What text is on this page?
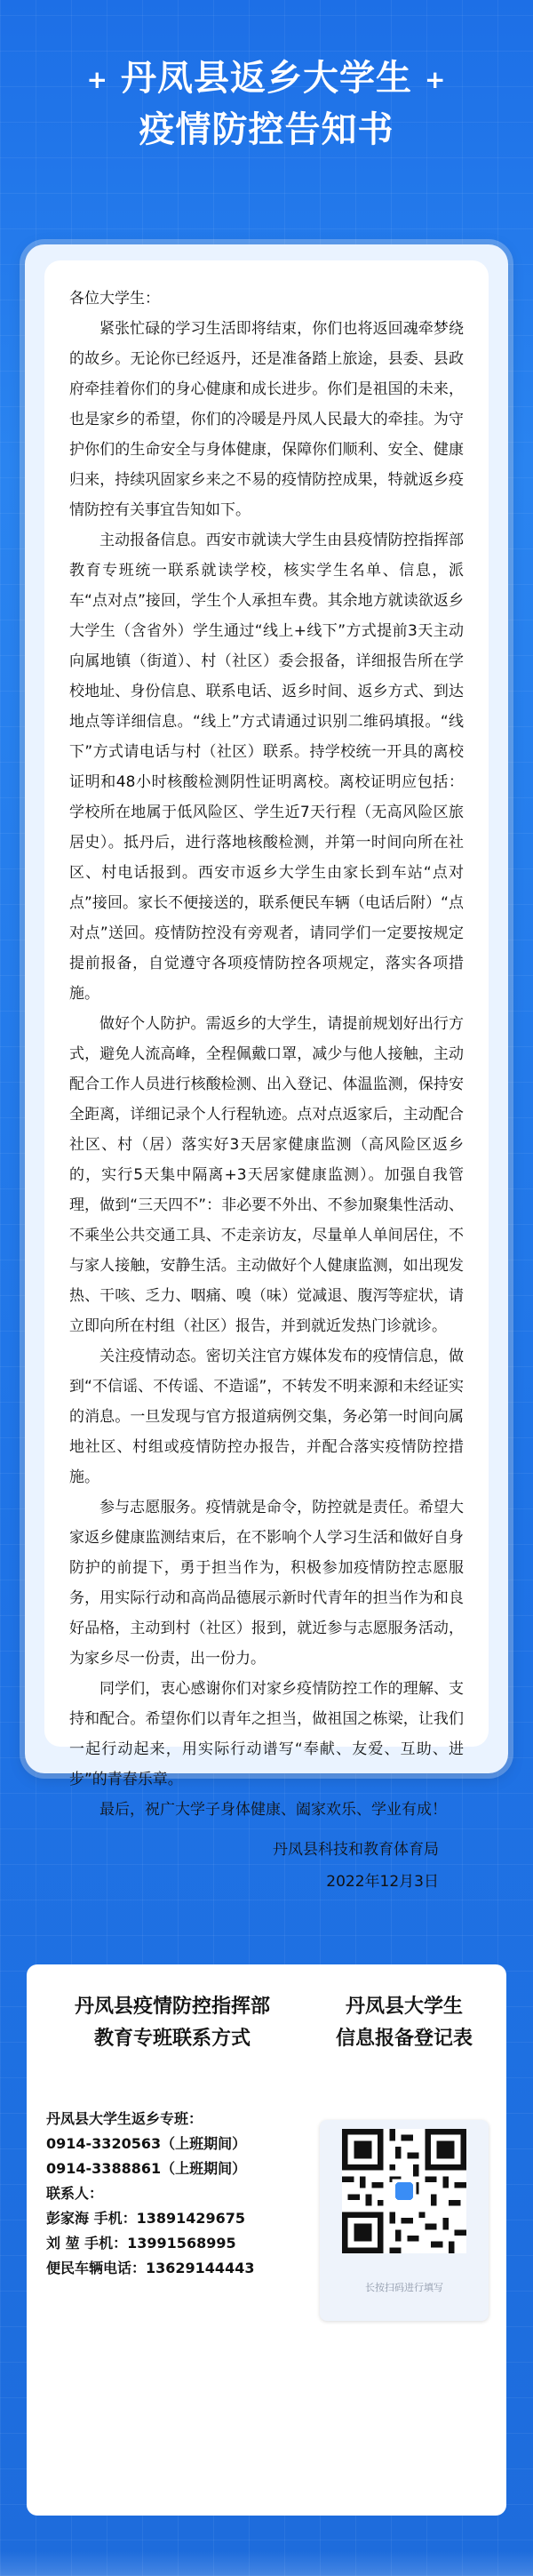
+ 丹凤县返乡大学生 +
疫情防控告知书

各位大学生：

紧张忙碌的学习生活即将结束，你们也将返回魂牵梦绕的故乡。无论你已经返丹，还是准备踏上旅途，县委、县政府牵挂着你们的身心健康和成长进步。你们是祖国的未来，也是家乡的希望，你们的冷暖是丹凤人民最大的牵挂。为守护你们的生命安全与身体健康，保障你们顺利、安全、健康归来，持续巩固家乡来之不易的疫情防控成果，特就返乡疫情防控有关事宜告知如下。

主动报备信息。西安市就读大学生由县疫情防控指挥部教育专班统一联系就读学校，核实学生名单、信息，派车“点对点”接回，学生个人承担车费。其余地方就读欲返乡大学生（含省外）学生通过“线上+线下”方式提前3天主动向属地镇（街道）、村（社区）委会报备，详细报告所在学校地址、身份信息、联系电话、返乡时间、返乡方式、到达地点等详细信息。“线上”方式请通过识别二维码填报。“线下”方式请电话与村（社区）联系。持学校统一开具的离校证明和48小时核酸检测阴性证明离校。离校证明应包括：学校所在地属于低风险区、学生近7天行程（无高风险区旅居史）。抵丹后，进行落地核酸检测，并第一时间向所在社区、村电话报到。西安市返乡大学生由家长到车站“点对点”接回。家长不便接送的，联系便民车辆（电话后附）“点对点”送回。疫情防控没有旁观者，请同学们一定要按规定提前报备，自觉遵守各项疫情防控各项规定，落实各项措施。

做好个人防护。需返乡的大学生，请提前规划好出行方式，避免人流高峰，全程佩戴口罩，减少与他人接触，主动配合工作人员进行核酸检测、出入登记、体温监测，保持安全距离，详细记录个人行程轨迹。点对点返家后，主动配合社区、村（居）落实好3天居家健康监测（高风险区返乡的，实行5天集中隔离+3天居家健康监测）。加强自我管理，做到“三天四不”：非必要不外出、不参加聚集性活动、不乘坐公共交通工具、不走亲访友，尽量单人单间居住，不与家人接触，安静生活。主动做好个人健康监测，如出现发热、干咳、乏力、咽痛、嗅（味）觉减退、腹泻等症状，请立即向所在村组（社区）报告，并到就近发热门诊就诊。

关注疫情动态。密切关注官方媒体发布的疫情信息，做到“不信谣、不传谣、不造谣”，不转发不明来源和未经证实的消息。一旦发现与官方报道病例交集，务必第一时间向属地社区、村组或疫情防控办报告，并配合落实疫情防控措施。

参与志愿服务。疫情就是命令，防控就是责任。希望大家返乡健康监测结束后，在不影响个人学习生活和做好自身防护的前提下，勇于担当作为，积极参加疫情防控志愿服务，用实际行动和高尚品德展示新时代青年的担当作为和良好品格，主动到村（社区）报到，就近参与志愿服务活动，为家乡尽一份责，出一份力。

同学们，衷心感谢你们对家乡疫情防控工作的理解、支持和配合。希望你们以青年之担当，做祖国之栋梁，让我们一起行动起来，用实际行动谱写“奉献、友爱、互助、进步”的青春乐章。

最后，祝广大学子身体健康、阖家欢乐、学业有成！

丹凤县科技和教育体育局
2022年12月3日
丹凤县疫情防控指挥部
教育专班联系方式
丹凤县大学生
信息报备登记表
丹凤县大学生返乡专班：
0914-3320563（上班期间）
0914-3388861（上班期间）
联系人：
彭家海 手机：13891429675
刘 堃 手机：13991568995
便民车辆电话：13629144443
长按扫码进行填写
